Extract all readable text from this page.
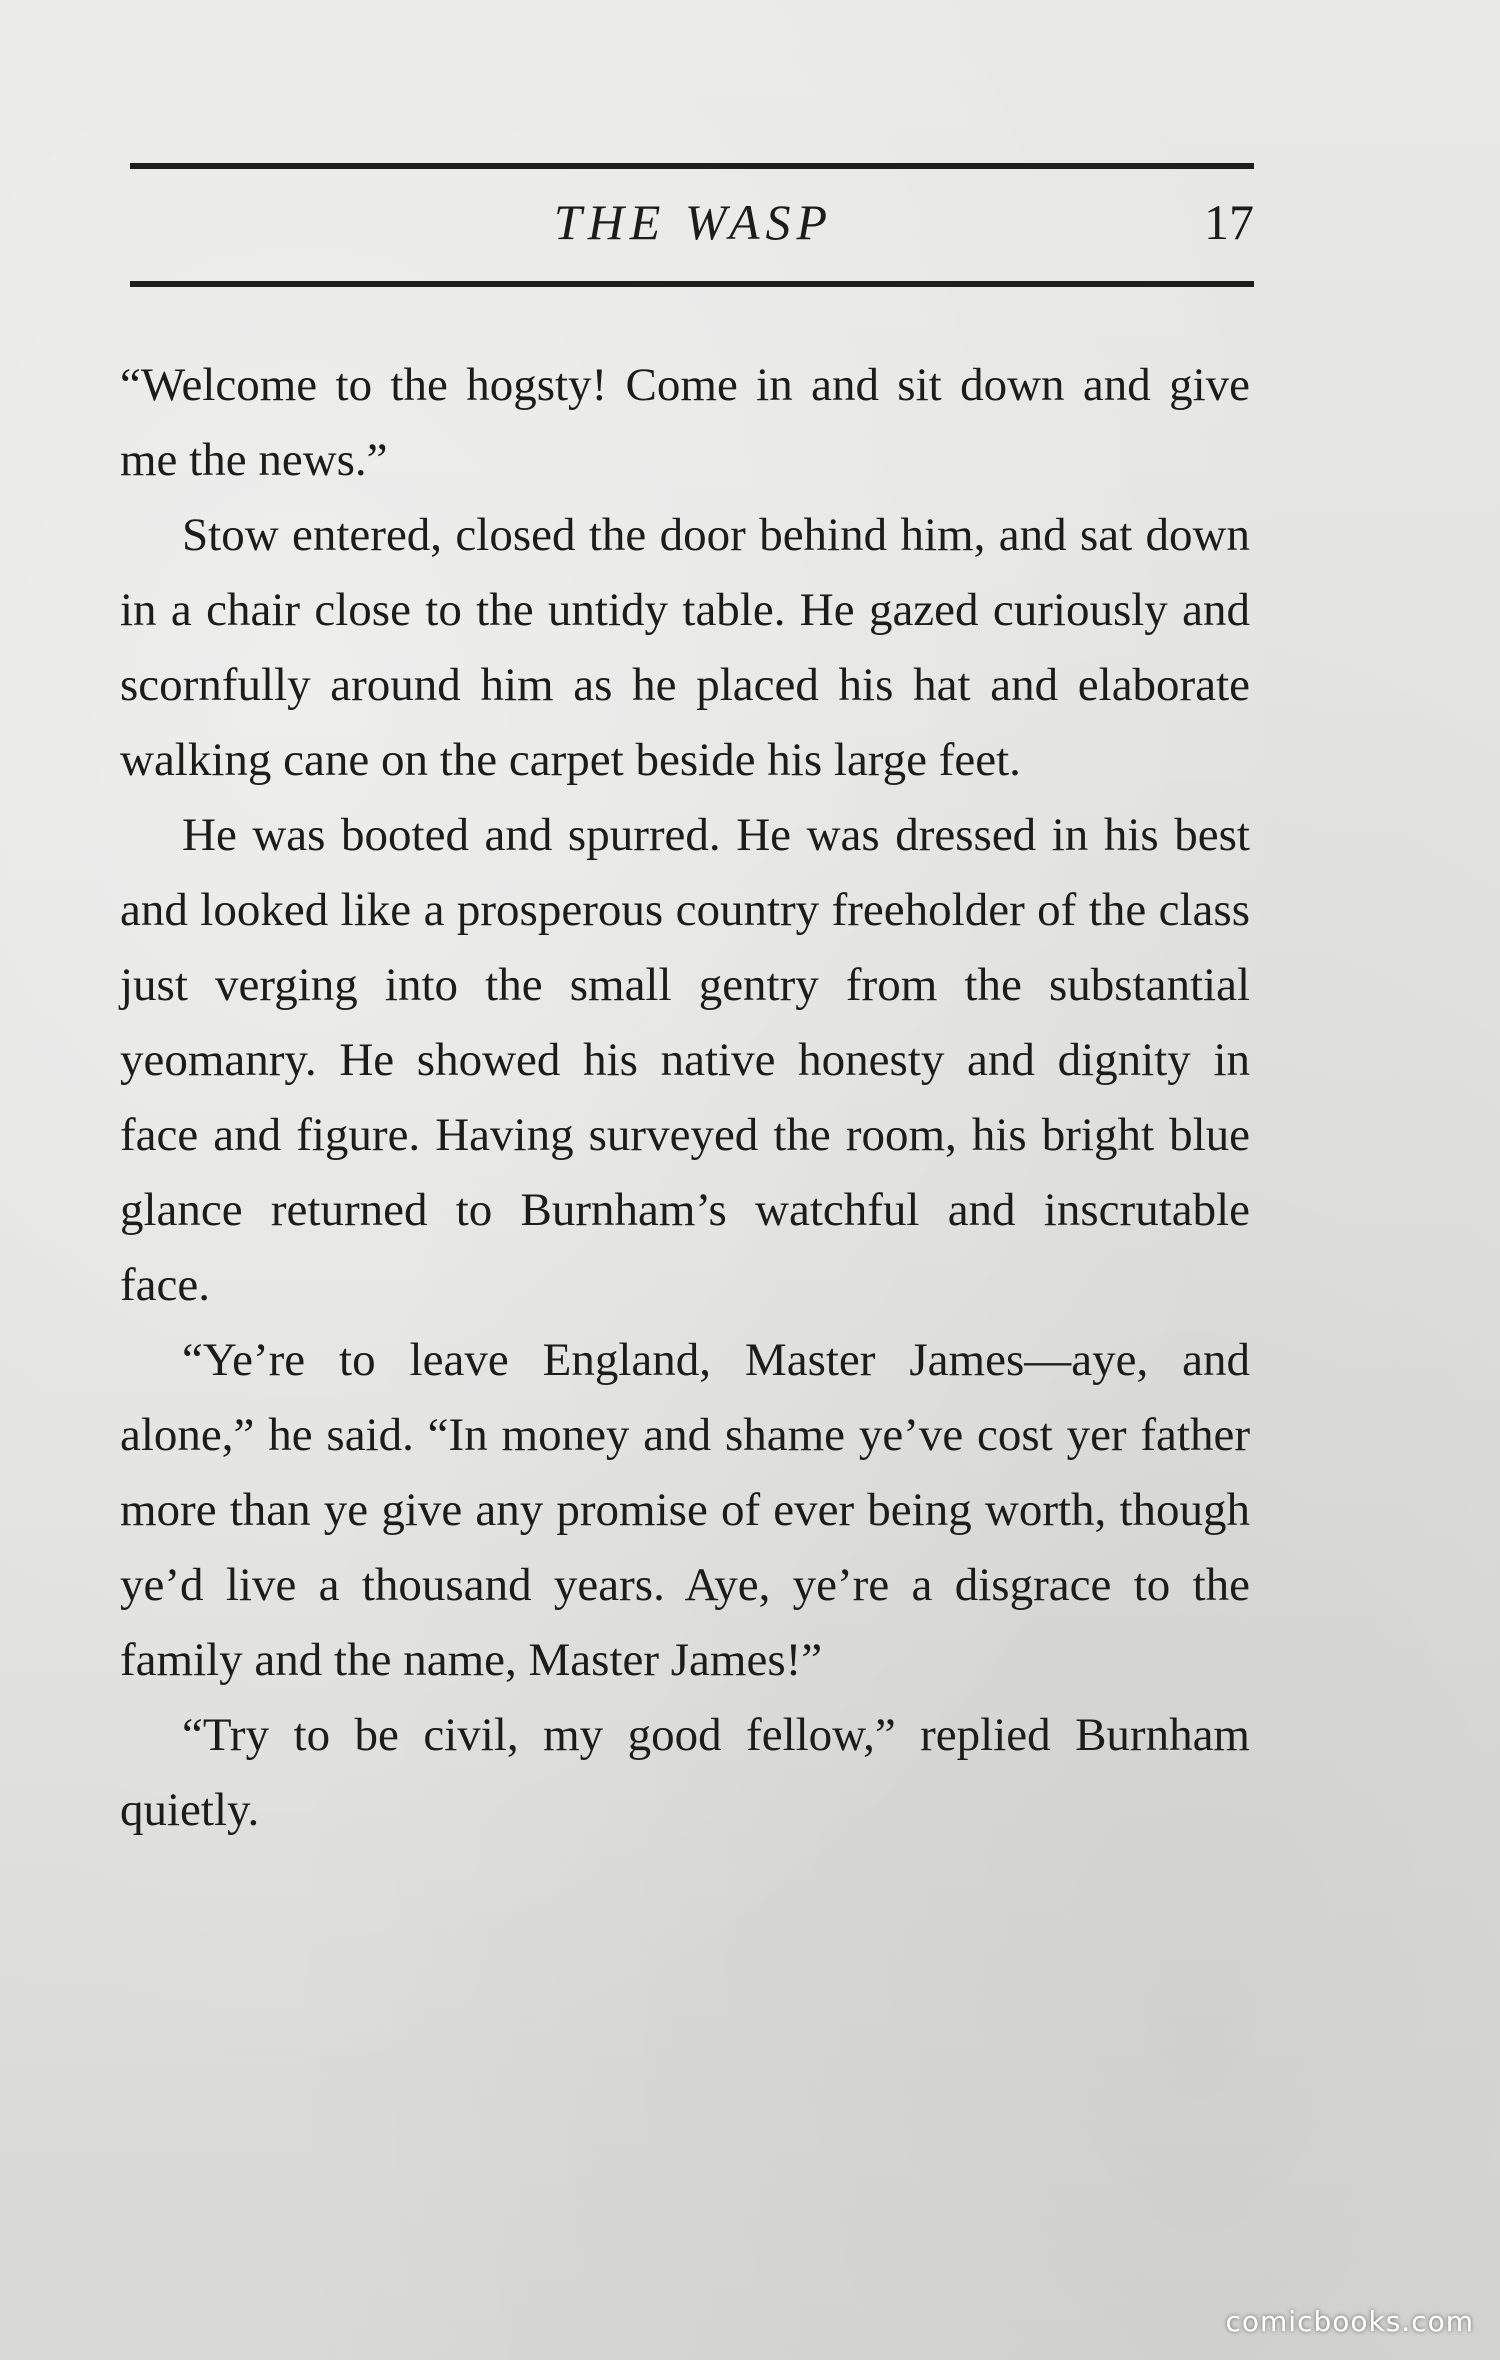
THE WASP	17

“Welcome to the hogsty! Come in and sit down and give me the news.”

Stow entered, closed the door behind him, and sat down in a chair close to the untidy table. He gazed curiously and scornfully around him as he placed his hat and elaborate walking cane on the carpet beside his large feet.

He was booted and spurred. He was dressed in his best and looked like a prosperous country freeholder of the class just verging into the small gentry from the substantial yeomanry. He showed his native honesty and dignity in face and figure. Having surveyed the room, his bright blue glance returned to Burnham’s watchful and inscrutable face.

“Ye’re to leave England, Master James—aye, and alone,” he said. “In money and shame ye’ve cost yer father more than ye give any promise of ever being worth, though ye’d live a thousand years. Aye, ye’re a disgrace to the family and the name, Master James!”

“Try to be civil, my good fellow,” replied Burnham quietly.

comicbooks.com
